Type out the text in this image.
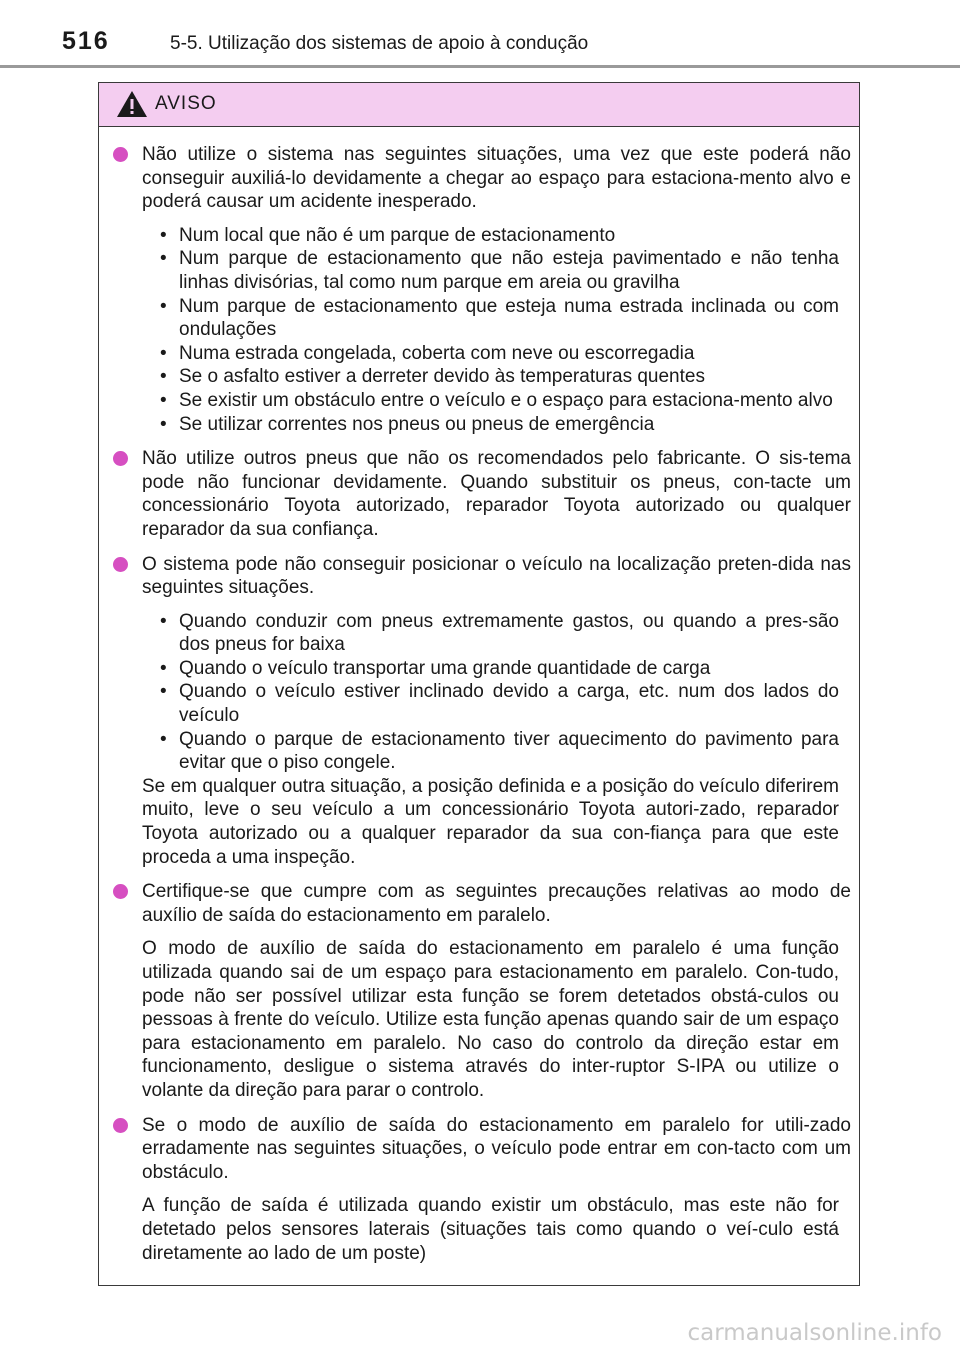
516	5-5. Utilização dos sistemas de apoio à condução
AVISO
Não utilize o sistema nas seguintes situações, uma vez que este poderá não conseguir auxiliá-lo devidamente a chegar ao espaço para estaciona-mento alvo e poderá causar um acidente inesperado.
• Num local que não é um parque de estacionamento
• Num parque de estacionamento que não esteja pavimentado e não tenha linhas divisórias, tal como num parque em areia ou gravilha
• Num parque de estacionamento que esteja numa estrada inclinada ou com ondulações
• Numa estrada congelada, coberta com neve ou escorregadia
• Se o asfalto estiver a derreter devido às temperaturas quentes
• Se existir um obstáculo entre o veículo e o espaço para estaciona-mento alvo
• Se utilizar correntes nos pneus ou pneus de emergência
Não utilize outros pneus que não os recomendados pelo fabricante. O sis-tema pode não funcionar devidamente. Quando substituir os pneus, con-tacte um concessionário Toyota autorizado, reparador Toyota autorizado ou qualquer reparador da sua confiança.
O sistema pode não conseguir posicionar o veículo na localização preten-dida nas seguintes situações.
• Quando conduzir com pneus extremamente gastos, ou quando a pres-são dos pneus for baixa
• Quando o veículo transportar uma grande quantidade de carga
• Quando o veículo estiver inclinado devido a carga, etc. num dos lados do veículo
• Quando o parque de estacionamento tiver aquecimento do pavimento para evitar que o piso congele.
Se em qualquer outra situação, a posição definida e a posição do veículo diferirem muito, leve o seu veículo a um concessionário Toyota autori-zado, reparador Toyota autorizado ou a qualquer reparador da sua con-fiança para que este proceda a uma inspeção.
Certifique-se que cumpre com as seguintes precauções relativas ao modo de auxílio de saída do estacionamento em paralelo.
O modo de auxílio de saída do estacionamento em paralelo é uma função utilizada quando sai de um espaço para estacionamento em paralelo. Con-tudo, pode não ser possível utilizar esta função se forem detetados obstá-culos ou pessoas à frente do veículo. Utilize esta função apenas quando sair de um espaço para estacionamento em paralelo. No caso do controlo da direção estar em funcionamento, desligue o sistema através do inter-ruptor S-IPA ou utilize o volante da direção para parar o controlo.
Se o modo de auxílio de saída do estacionamento em paralelo for utili-zado erradamente nas seguintes situações, o veículo pode entrar em con-tacto com um obstáculo.
A função de saída é utilizada quando existir um obstáculo, mas este não for detetado pelos sensores laterais (situações tais como quando o veí-culo está diretamente ao lado de um poste)
carmanualsonline.info
